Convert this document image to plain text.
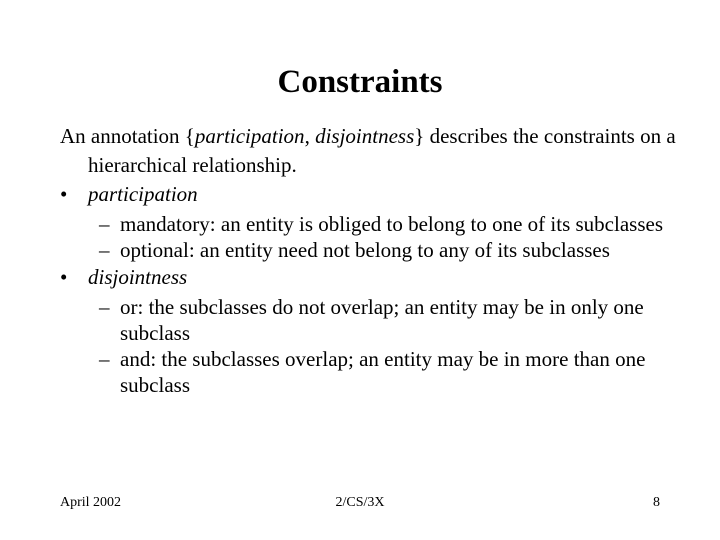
Constraints

An annotation {participation, disjointness} describes the constraints on a hierarchical relationship.

• participation

– mandatory: an entity is obliged to belong to one of its subclasses

– optional: an entity need not belong to any of its subclasses

• disjointness

– or: the subclasses do not overlap; an entity may be in only one subclass

– and: the subclasses overlap; an entity may be in more than one subclass

April 2002	2/CS/3X	8
